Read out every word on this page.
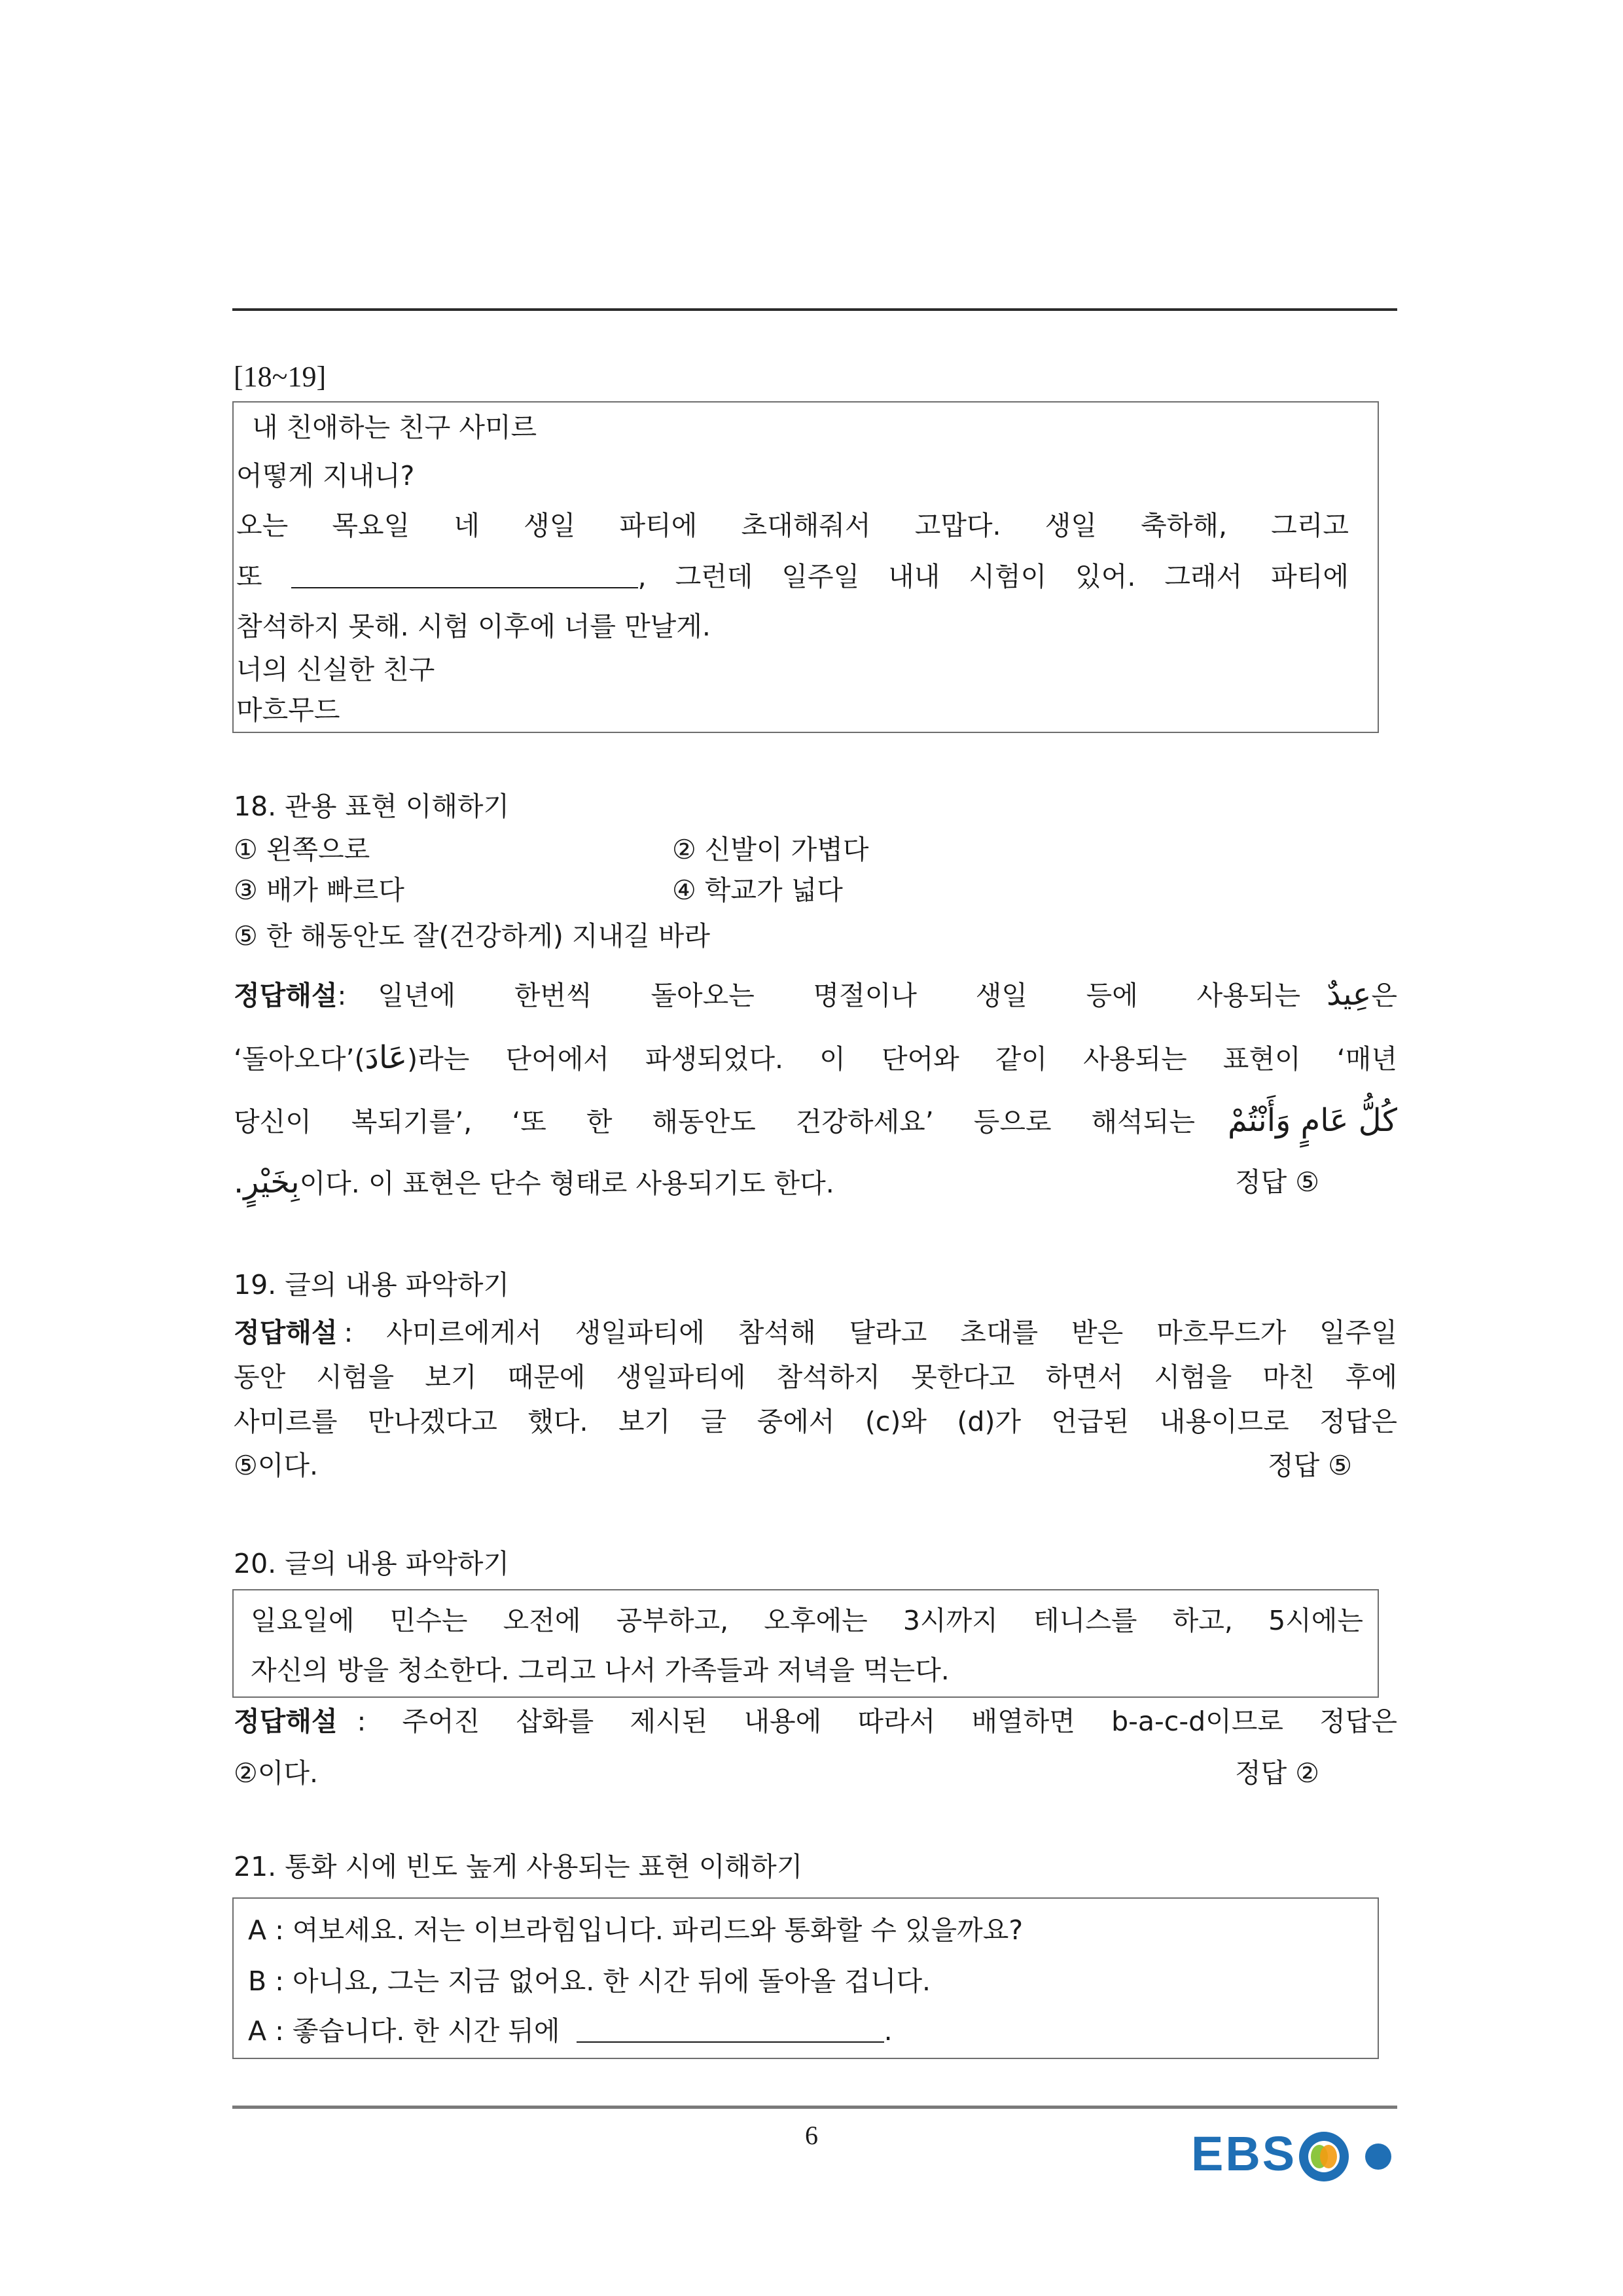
[18~19]
내 친애하는 친구 사미르
어떻게 지내니?
오는 목요일 네 생일 파티에 초대해줘서 고맙다. 생일 축하해, 그리고
또	, 그런데 일주일 내내 시험이 있어. 그래서 파티에
참석하지 못해. 시험 이후에 너를 만날게.
너의 신실한 친구
마흐무드
18. 관용 표현 이해하기
① 왼쪽으로	② 신발이 가볍다
③ 배가 빠르다	④ 학교가 넓다
⑤ 한 해동안도 잘(건강하게) 지내길 바라
정답해설 :	일년에 한번씩 돌아오는 명절이나 생일 등에 사용되는 عِيدٌ은
‘돌아오다’( عَادَ )라는 단어에서 파생되었다. 이 단어와 같이 사용되는 표현이 ‘매년
당신이 복되기를’, ‘또 한 해동안도 건강하세요’ 등으로 해석되는	كُلُّ عَامٍ وَأَنْتُمْ
.بِخَيْرٍ이다. 이 표현은 단수 형태로 사용되기도 한다.	정답 ⑤
19. 글의 내용 파악하기
정답해설 : 사미르에게서 생일파티에 참석해 달라고 초대를 받은 마흐무드가 일주일
동안 시험을 보기 때문에 생일파티에 참석하지 못한다고 하면서 시험을 마친 후에
사미르를 만나겠다고 했다. 보기 글 중에서 (c)와 (d)가 언급된 내용이므로 정답은
⑤이다.	정답 ⑤
20. 글의 내용 파악하기
일요일에 민수는 오전에 공부하고, 오후에는 3시까지 테니스를 하고, 5시에는
자신의 방을 청소한다. 그리고 나서 가족들과 저녁을 먹는다.
정답해설 : 주어진 삽화를 제시된 내용에 따라서 배열하면 b-a-c-d이므로 정답은
②이다.	정답 ②
21. 통화 시에 빈도 높게 사용되는 표현 이해하기
A : 여보세요. 저는 이브라힘입니다. 파리드와 통화할 수 있을까요?
B : 아니요, 그는 지금 없어요. 한 시간 뒤에 돌아올 겁니다.
A : 좋습니다. 한 시간 뒤에	.
6	EBS
